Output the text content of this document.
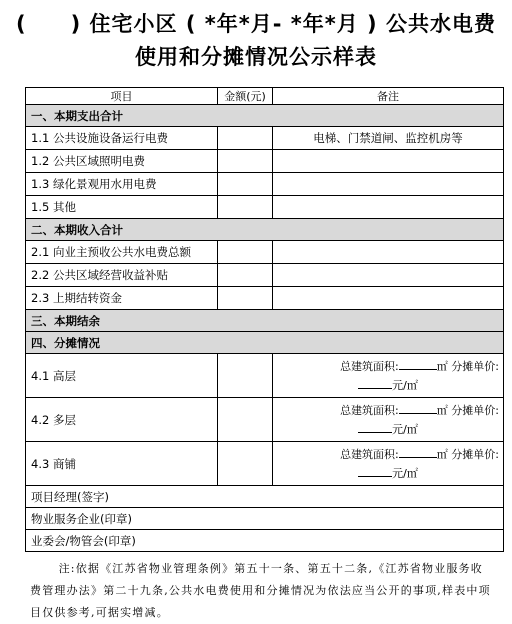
(　　) 住宅小区 ( *年*月- *年*月 ) 公共水电费
使用和分摊情况公示样表
项目	金额(元)	备注
一、本期支出合计		
1.1 公共设施设备运行电费		电梯、门禁道闸、监控机房等
1.2 公共区域照明电费		
1.3 绿化景观用水用电费		
1.5 其他		
二、本期收入合计		
2.1 向业主预收公共水电费总额		
2.2 公共区域经营收益补贴		
2.3 上期结转资金		
三、本期结余		
四、分摊情况		
4.1 高层		总建筑面积: ㎡ 分摊单价:
元/㎡

4.2 多层		总建筑面积: ㎡ 分摊单价:
元/㎡

4.3 商铺		总建筑面积: ㎡ 分摊单价:
元/㎡

项目经理(签字)		
物业服务企业(印章)		
业委会/物管会(印章)		
注:依据《江苏省物业管理条例》第五十一条、第五十二条,《江苏省物业服务收费管理办法》第二十九条,公共水电费使用和分摊情况为依法应当公开的事项,样表中项目仅供参考,可据实增减。
